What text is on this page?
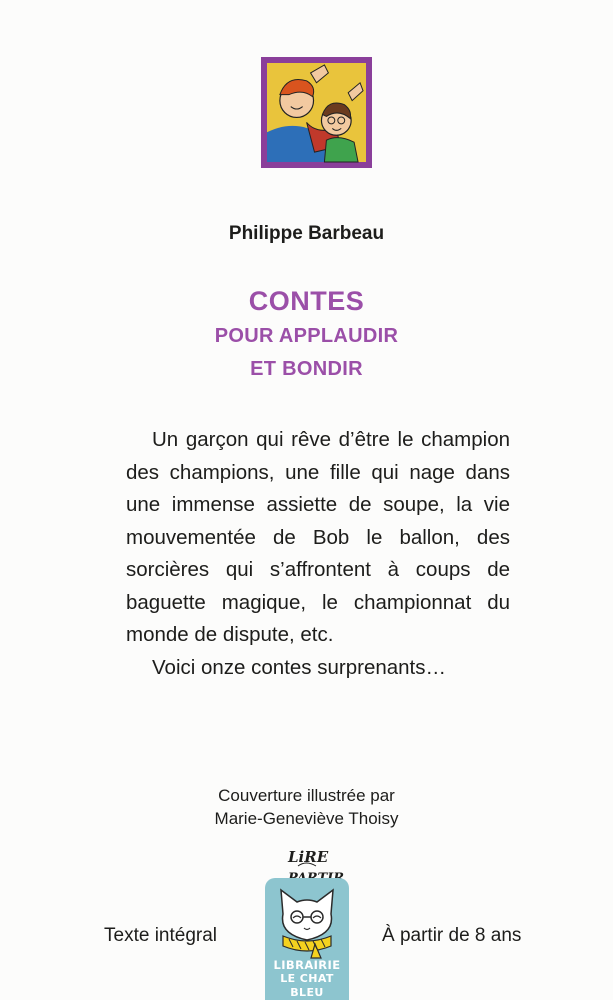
Philippe Barbeau
CONTES
POUR APPLAUDIR
ET BONDIR

Un garçon qui rêve d’être le champion des champions, une fille qui nage dans une immense assiette de soupe, la vie mouvementée de Bob le ballon, des sorcières qui s’affrontent à coups de baguette magique, le championnat du monde de dispute, etc.

Voici onze contes surprenants…

Couverture illustrée par
Marie-Geneviève Thoisy
LiRE
Texte intégral	À partir de 8 ans
LIBRAIRIE
LE CHAT BLEU
